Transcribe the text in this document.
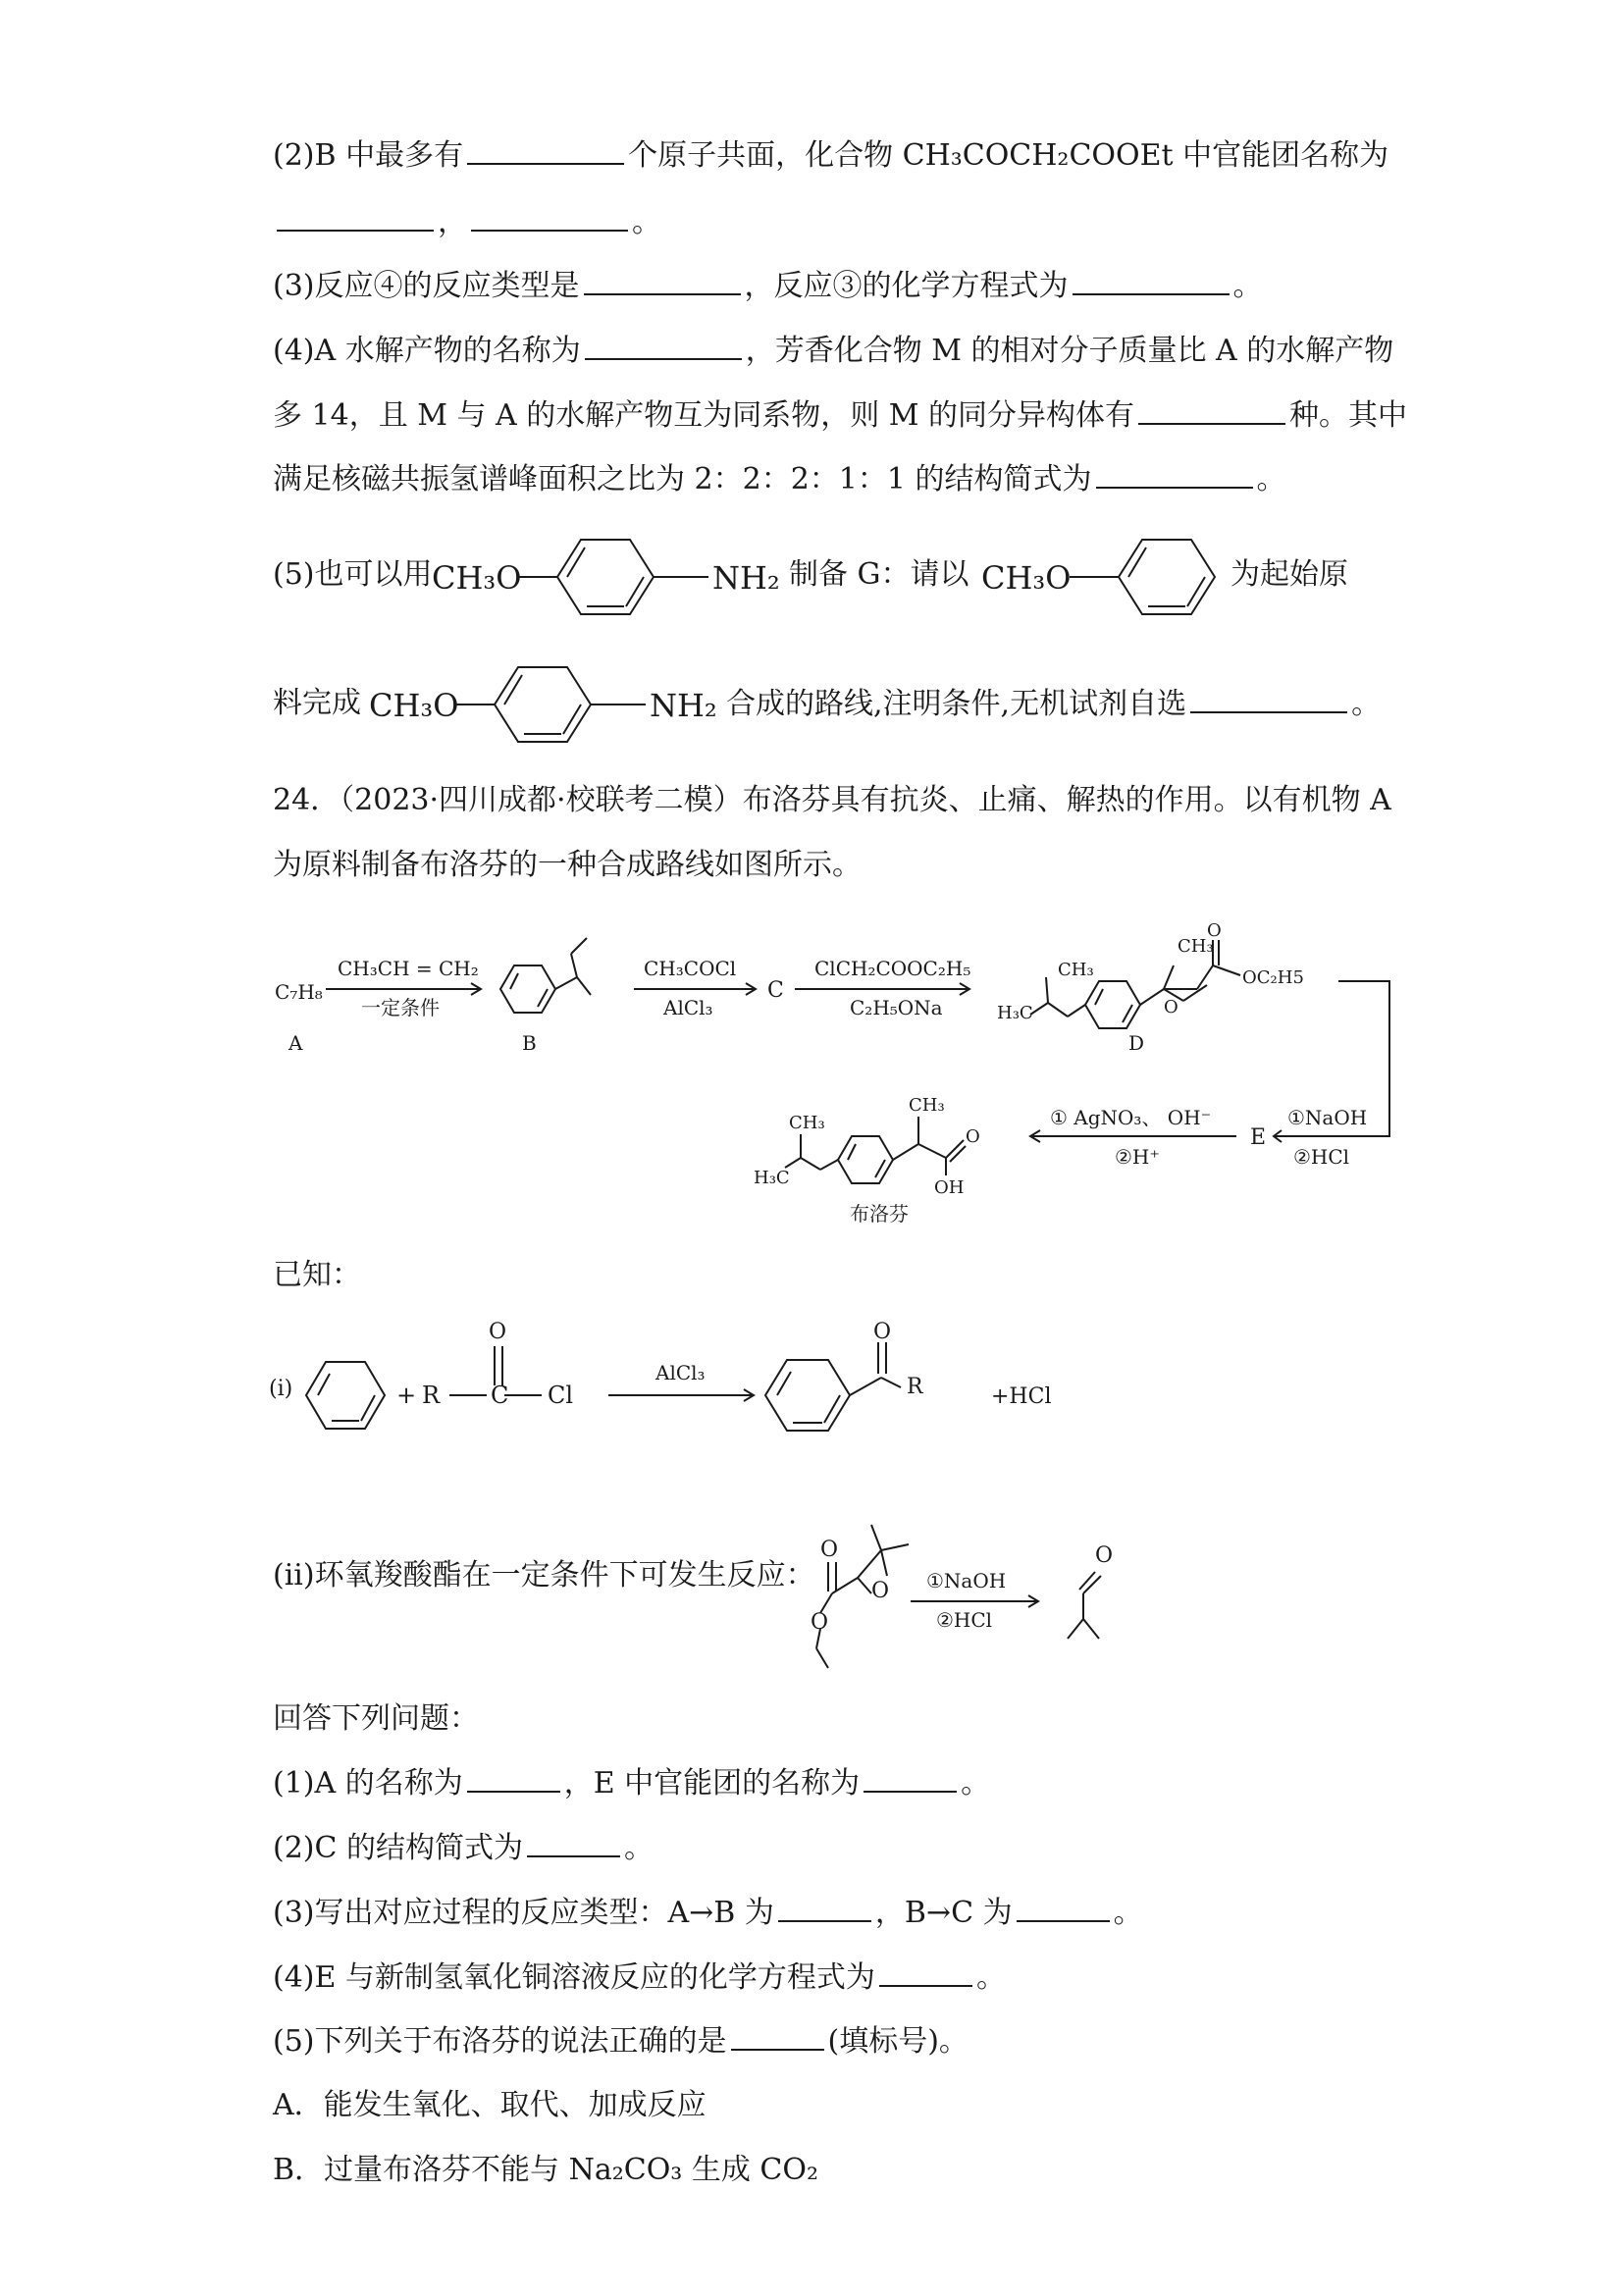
(2)B 中最多有	个原子共面，化合物 CH₃COCH₂COOEt 中官能团名称为
，	。
(3)反应④的反应类型是	，反应③的化学方程式为	。
(4)A 水解产物的名称为	，芳香化合物 M 的相对分子质量比 A 的水解产物
多 14，且 M 与 A 的水解产物互为同系物，则 M 的同分异构体有	种。其中
满足核磁共振氢谱峰面积之比为 2：2：2：1：1 的结构简式为	。
(5)也可以用 CH₃O	NH₂ 制备 G：请以 CH₃O	为起始原
料完成 CH₃O	NH₂ 合成的路线,注明条件,无机试剂自选	。
24．（2023·四川成都·校联考二模）布洛芬具有抗炎、止痛、解热的作用。以有机物 A
为原料制备布洛芬的一种合成路线如图所示。
C₇H₈
A
CH₃CH = CH₂
一定条件
B
CH₃COCl
AlCl₃
C
ClCH₂COOC₂H₅
C₂H₅ONa
CH₃
H₃C
CH₃
O
O
OC₂H5
D
①NaOH
②HCl
E
① AgNO₃、 OH⁻
②H⁺
CH₃
H₃C
CH₃
O
OH
布洛芬
已知：
(i)	+ R C
O
Cl
AlCl₃
O
R	+HCl
(ii)环氧羧酸酯在一定条件下可发生反应：
O
O
O ①NaOH
②HCl
O
回答下列问题：
(1)A 的名称为	，E 中官能团的名称为	。
(2)C 的结构简式为	。
(3)写出对应过程的反应类型：A→B 为	，B→C 为	。
(4)E 与新制氢氧化铜溶液反应的化学方程式为	。
(5)下列关于布洛芬的说法正确的是	(填标号)。
A．能发生氧化、取代、加成反应
B．过量布洛芬不能与 Na₂CO₃ 生成 CO₂
